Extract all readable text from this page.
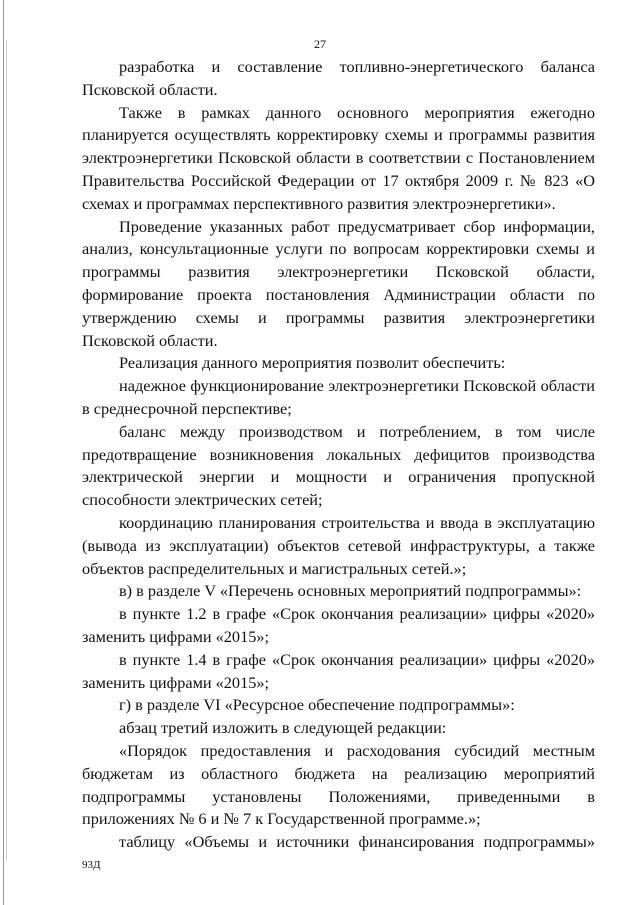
27

разработка и составление топливно-энергетического баланса Псковской области.

Также в рамках данного основного мероприятия ежегодно планируется осуществлять корректировку схемы и программы развития электроэнергетики Псковской области в соответствии с Постановлением Правительства Российской Федерации от 17 октября 2009 г. № 823 «О схемах и программах перспективного развития электроэнергетики».

Проведение указанных работ предусматривает сбор информации, анализ, консультационные услуги по вопросам корректировки схемы и программы развития электроэнергетики Псковской области, формирование проекта постановления Администрации области по утверждению схемы и программы развития электроэнергетики Псковской области.

Реализация данного мероприятия позволит обеспечить:

надежное функционирование электроэнергетики Псковской области в среднесрочной перспективе;

баланс между производством и потреблением, в том числе предотвращение возникновения локальных дефицитов производства электрической энергии и мощности и ограничения пропускной способности электрических сетей;

координацию планирования строительства и ввода в эксплуатацию (вывода из эксплуатации) объектов сетевой инфраструктуры, а также объектов распределительных и магистральных сетей.»;

в) в разделе V «Перечень основных мероприятий подпрограммы»:

в пункте 1.2 в графе «Срок окончания реализации» цифры «2020» заменить цифрами «2015»;

в пункте 1.4 в графе «Срок окончания реализации» цифры «2020» заменить цифрами «2015»;

г) в разделе VI «Ресурсное обеспечение подпрограммы»:

абзац третий изложить в следующей редакции:

«Порядок предоставления и расходования субсидий местным бюджетам из областного бюджета на реализацию мероприятий подпрограммы установлены Положениями, приведенными в приложениях № 6 и № 7 к Государственной программе.»;

таблицу «Объемы и источники финансирования подпрограммы»

93Д
